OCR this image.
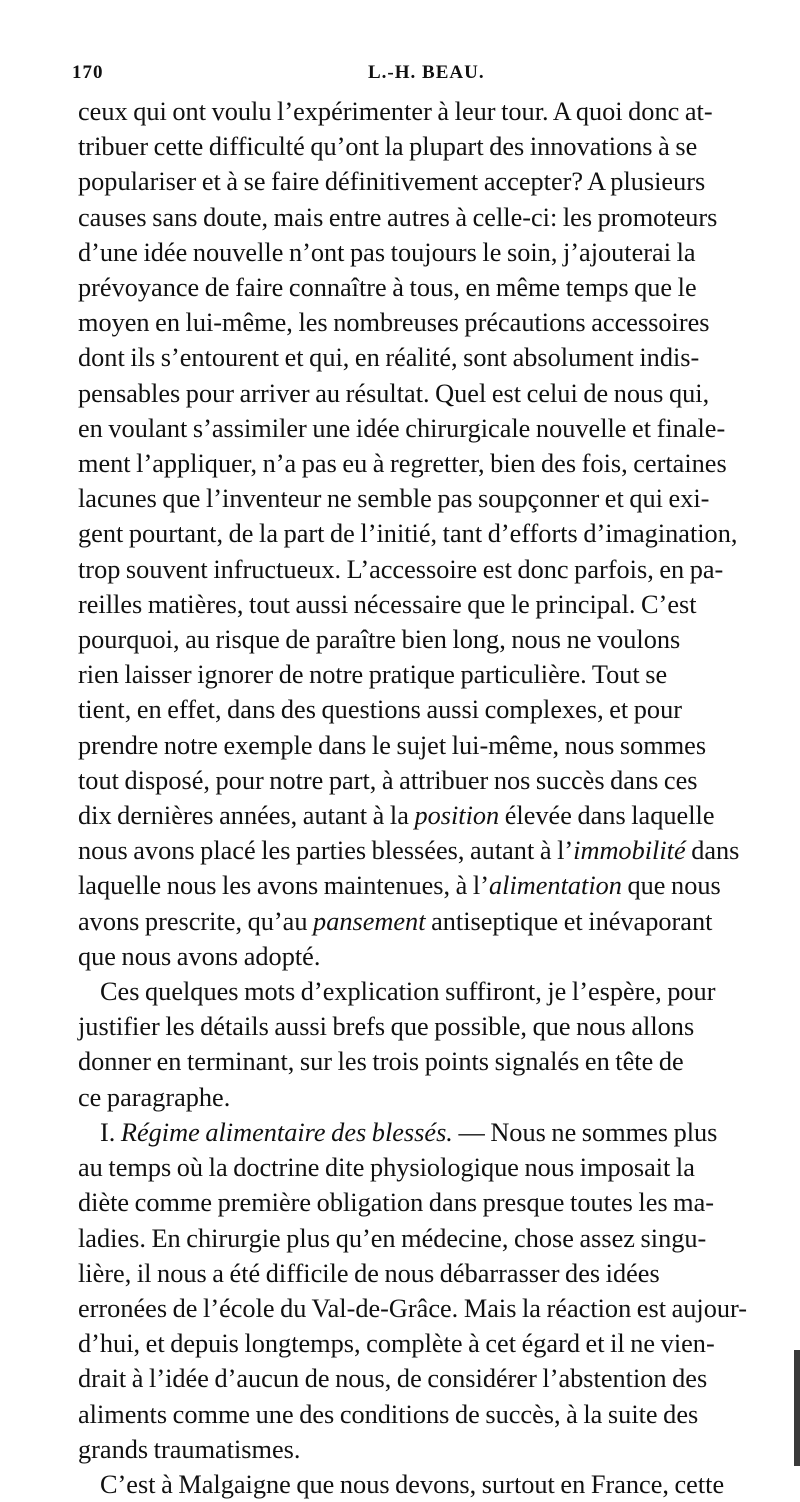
170	L.-H. BEAU.
ceux qui ont voulu l’expérimenter à leur tour. A quoi donc at-
tribuer cette difficulté qu’ont la plupart des innovations à se
populariser et à se faire définitivement accepter? A plusieurs
causes sans doute, mais entre autres à celle-ci: les promoteurs
d’une idée nouvelle n’ont pas toujours le soin, j’ajouterai la
prévoyance de faire connaître à tous, en même temps que le
moyen en lui-même, les nombreuses précautions accessoires
dont ils s’entourent et qui, en réalité, sont absolument indis-
pensables pour arriver au résultat. Quel est celui de nous qui,
en voulant s’assimiler une idée chirurgicale nouvelle et finale-
ment l’appliquer, n’a pas eu à regretter, bien des fois, certaines
lacunes que l’inventeur ne semble pas soupçonner et qui exi-
gent pourtant, de la part de l’initié, tant d’efforts d’imagination,
trop souvent infructueux. L’accessoire est donc parfois, en pa-
reilles matières, tout aussi nécessaire que le principal. C’est
pourquoi, au risque de paraître bien long, nous ne voulons
rien laisser ignorer de notre pratique particulière. Tout se
tient, en effet, dans des questions aussi complexes, et pour
prendre notre exemple dans le sujet lui-même, nous sommes
tout disposé, pour notre part, à attribuer nos succès dans ces
dix dernières années, autant à la position élevée dans laquelle
nous avons placé les parties blessées, autant à l’immobilité dans
laquelle nous les avons maintenues, à l’alimentation que nous
avons prescrite, qu’au pansement antiseptique et inévaporant
que nous avons adopté.
Ces quelques mots d’explication suffiront, je l’espère, pour
justifier les détails aussi brefs que possible, que nous allons
donner en terminant, sur les trois points signalés en tête de
ce paragraphe.
I. Régime alimentaire des blessés. — Nous ne sommes plus
au temps où la doctrine dite physiologique nous imposait la
diète comme première obligation dans presque toutes les ma-
ladies. En chirurgie plus qu’en médecine, chose assez singu-
lière, il nous a été difficile de nous débarrasser des idées
erronées de l’école du Val-de-Grâce. Mais la réaction est aujour-
d’hui, et depuis longtemps, complète à cet égard et il ne vien-
drait à l’idée d’aucun de nous, de considérer l’abstention des
aliments comme une des conditions de succès, à la suite des
grands traumatismes.
C’est à Malgaigne que nous devons, surtout en France, cette
